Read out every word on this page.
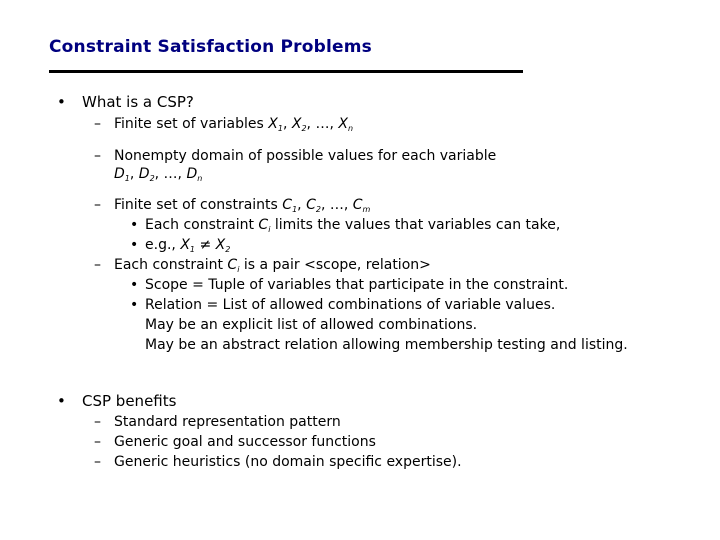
Constraint Satisfaction Problems
• What is a CSP?
– Finite set of variables $X_1$, $X_2$, …, $X_n$
– Nonempty domain of possible values for each variable
$D_1$, $D_2$, …, $D_n$
– Finite set of constraints $C_1$, $C_2$, …, $C_m$
• Each constraint $C_i$ limits the values that variables can take,
• e.g., $X_1 \ne X_2$
– Each constraint $C_i$ is a pair <scope, relation>
• Scope = Tuple of variables that participate in the constraint.
• Relation = List of allowed combinations of variable values.
May be an explicit list of allowed combinations.
May be an abstract relation allowing membership testing and listing.
• CSP benefits
– Standard representation pattern
– Generic goal and successor functions
– Generic heuristics (no domain specific expertise).
